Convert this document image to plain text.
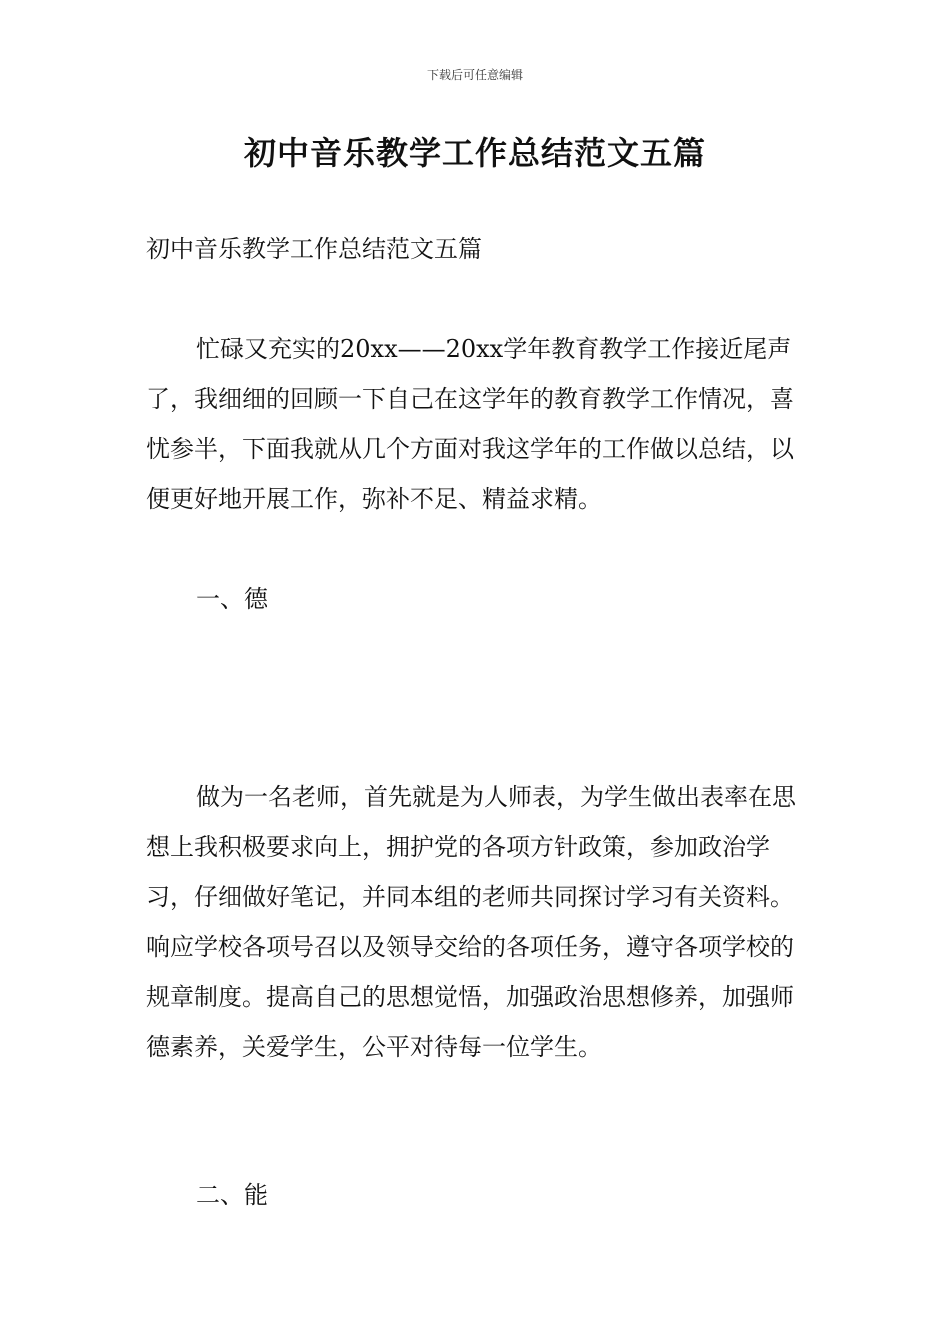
下载后可任意编辑
初中音乐教学工作总结范文五篇

初中音乐教学工作总结范文五篇

忙碌又充实的20xx——20xx学年教育教学工作接近尾声了，我细细的回顾一下自己在这学年的教育教学工作情况，喜忧参半，下面我就从几个方面对我这学年的工作做以总结，以便更好地开展工作，弥补不足、精益求精。

一、德

做为一名老师，首先就是为人师表，为学生做出表率在思想上我积极要求向上，拥护党的各项方针政策，参加政治学习，仔细做好笔记，并同本组的老师共同探讨学习有关资料。响应学校各项号召以及领导交给的各项任务，遵守各项学校的规章制度。提高自己的思想觉悟，加强政治思想修养，加强师德素养，关爱学生，公平对待每一位学生。

二、能
